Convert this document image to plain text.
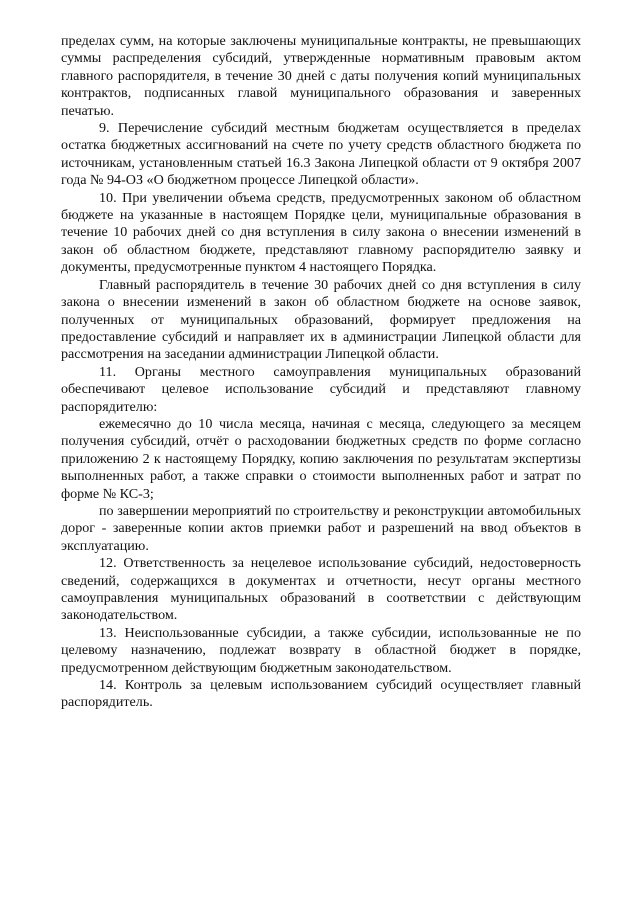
пределах сумм, на которые заключены муниципальные контракты, не превышающих суммы распределения субсидий, утвержденные нормативным правовым актом главного распорядителя, в течение 30 дней с даты получения копий муниципальных контрактов, подписанных главой муниципального образования и заверенных печатью.

9. Перечисление субсидий местным бюджетам осуществляется в пределах остатка бюджетных ассигнований на счете по учету средств областного бюджета по источникам, установленным статьей 16.3 Закона Липецкой области от 9 октября 2007 года № 94-ОЗ «О бюджетном процессе Липецкой области».

10. При увеличении объема средств, предусмотренных законом об областном бюджете на указанные в настоящем Порядке цели, муниципальные образования в течение 10 рабочих дней со дня вступления в силу закона о внесении изменений в закон об областном бюджете, представляют главному распорядителю заявку и документы, предусмотренные пунктом 4 настоящего Порядка.

Главный распорядитель в течение 30 рабочих дней со дня вступления в силу закона о внесении изменений в закон об областном бюджете на основе заявок, полученных от муниципальных образований, формирует предложения на предоставление субсидий и направляет их в администрации Липецкой области для рассмотрения на заседании администрации Липецкой области.

11. Органы местного самоуправления муниципальных образований обеспечивают целевое использование субсидий и представляют главному распорядителю:

ежемесячно до 10 числа месяца, начиная с месяца, следующего за месяцем получения субсидий, отчёт о расходовании бюджетных средств по форме согласно приложению 2 к настоящему Порядку, копию заключения по результатам экспертизы выполненных работ, а также справки о стоимости выполненных работ и затрат по форме № КС-3;

по завершении мероприятий по строительству и реконструкции автомобильных дорог - заверенные копии актов приемки работ и разрешений на ввод объектов в эксплуатацию.

12. Ответственность за нецелевое использование субсидий, недостоверность сведений, содержащихся в документах и отчетности, несут органы местного самоуправления муниципальных образований в соответствии с действующим законодательством.

13. Неиспользованные субсидии, а также субсидии, использованные не по целевому назначению, подлежат возврату в областной бюджет в порядке, предусмотренном действующим бюджетным законодательством.

14. Контроль за целевым использованием субсидий осуществляет главный распорядитель.
